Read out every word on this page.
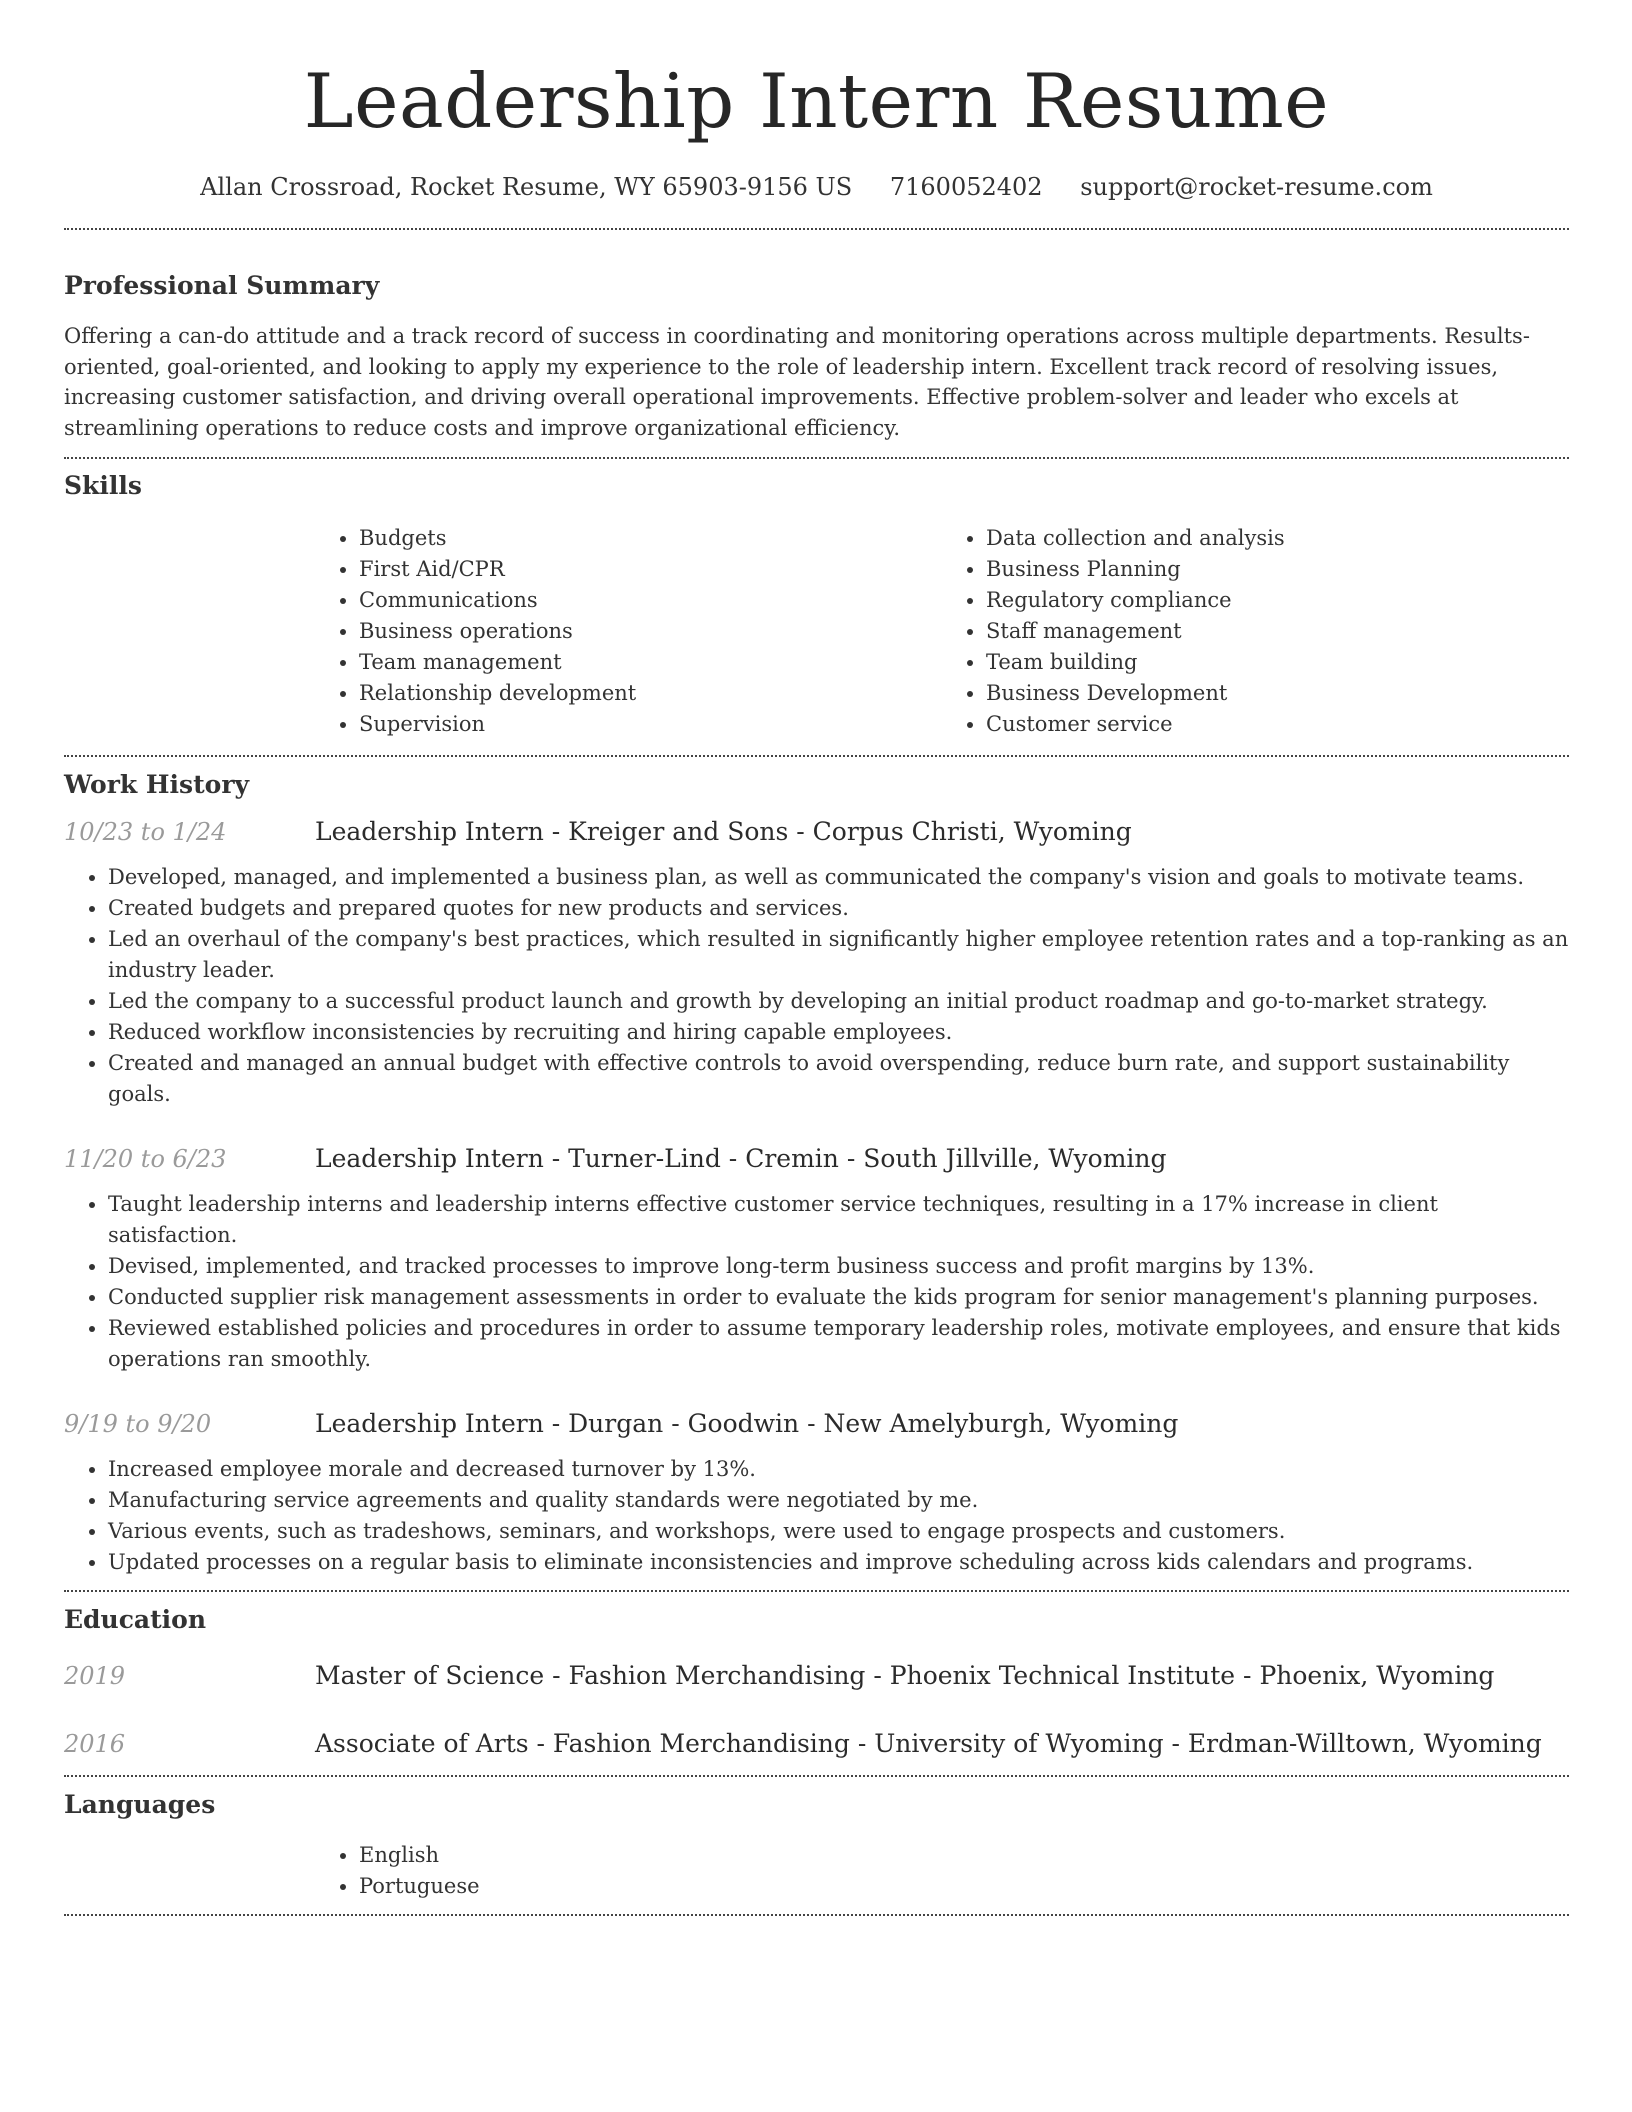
Leadership Intern Resume
Allan Crossroad, Rocket Resume, WY 65903-9156 US 7160052402 support@rocket-resume.com
Professional Summary

Offering a can-do attitude and a track record of success in coordinating and monitoring operations across multiple departments. Results-oriented, goal-oriented, and looking to apply my experience to the role of leadership intern. Excellent track record of resolving issues, increasing customer satisfaction, and driving overall operational improvements. Effective problem-solver and leader who excels at streamlining operations to reduce costs and improve organizational efficiency.

Skills
• Budgets
• First Aid/CPR
• Communications
• Business operations
• Team management
• Relationship development
• Supervision
• Data collection and analysis
• Business Planning
• Regulatory compliance
• Staff management
• Team building
• Business Development
• Customer service
Work History
10/23 to 1/24	Leadership Intern - Kreiger and Sons - Corpus Christi, Wyoming
• Developed, managed, and implemented a business plan, as well as communicated the company's vision and goals to motivate teams.
• Created budgets and prepared quotes for new products and services.
• Led an overhaul of the company's best practices, which resulted in significantly higher employee retention rates and a top-ranking as an industry leader.
• Led the company to a successful product launch and growth by developing an initial product roadmap and go-to-market strategy.
• Reduced workflow inconsistencies by recruiting and hiring capable employees.
• Created and managed an annual budget with effective controls to avoid overspending, reduce burn rate, and support sustainability goals.
11/20 to 6/23	Leadership Intern - Turner-Lind - Cremin - South Jillville, Wyoming
• Taught leadership interns and leadership interns effective customer service techniques, resulting in a 17% increase in client satisfaction.
• Devised, implemented, and tracked processes to improve long-term business success and profit margins by 13%.
• Conducted supplier risk management assessments in order to evaluate the kids program for senior management's planning purposes.
• Reviewed established policies and procedures in order to assume temporary leadership roles, motivate employees, and ensure that kids operations ran smoothly.
9/19 to 9/20	Leadership Intern - Durgan - Goodwin - New Amelyburgh, Wyoming
• Increased employee morale and decreased turnover by 13%.
• Manufacturing service agreements and quality standards were negotiated by me.
• Various events, such as tradeshows, seminars, and workshops, were used to engage prospects and customers.
• Updated processes on a regular basis to eliminate inconsistencies and improve scheduling across kids calendars and programs.
Education
2019	Master of Science - Fashion Merchandising - Phoenix Technical Institute - Phoenix, Wyoming
2016	Associate of Arts - Fashion Merchandising - University of Wyoming - Erdman-Willtown, Wyoming
Languages
• English
• Portuguese
